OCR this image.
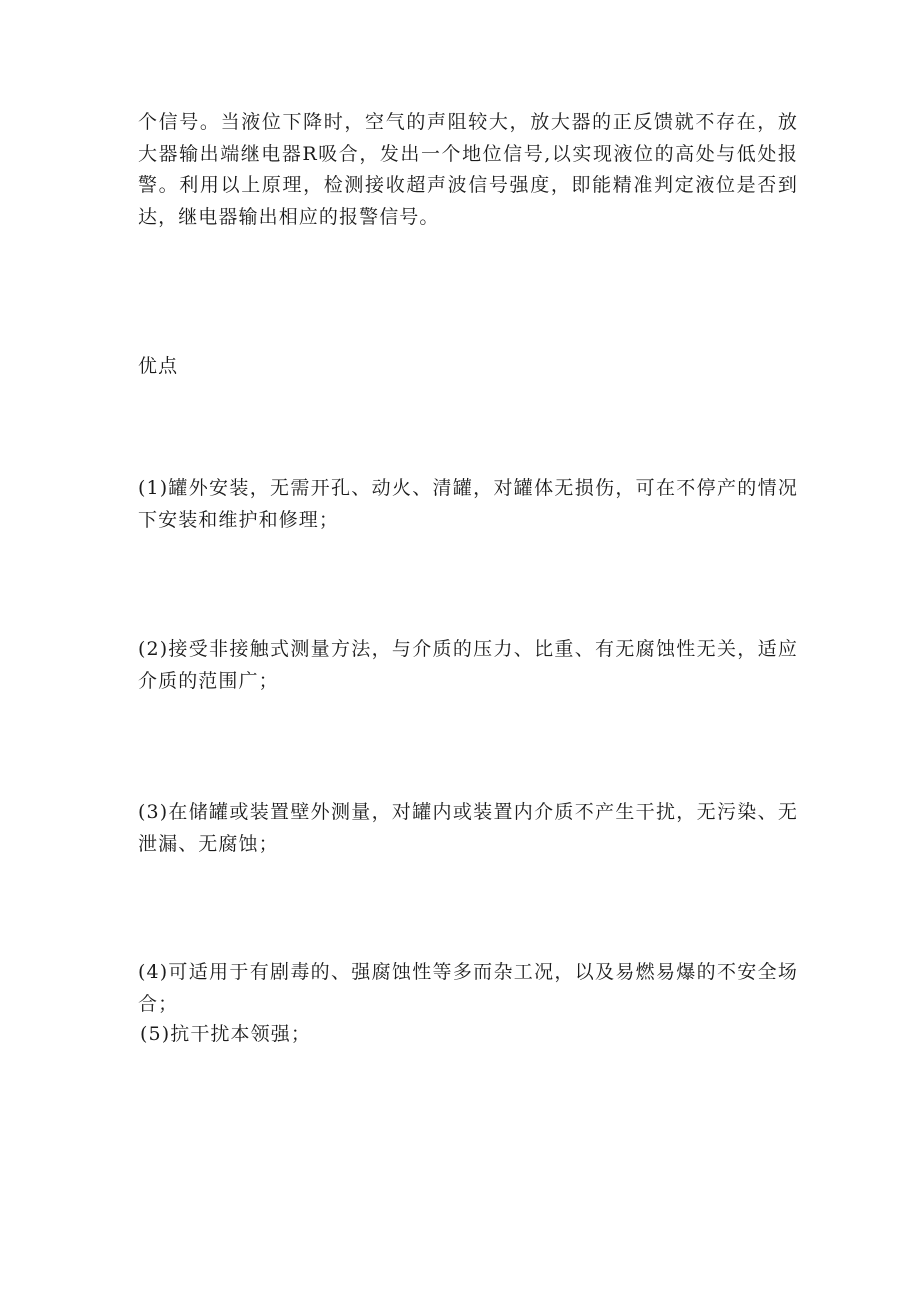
个信号。当液位下降时，空气的声阻较大，放大器的正反馈就不存在，放大器输出端继电器R吸合，发出一个地位信号,以实现液位的高处与低处报警。利用以上原理，检测接收超声波信号强度，即能精准判定液位是否到达，继电器输出相应的报警信号。
优点
(1)罐外安装，无需开孔、动火、清罐，对罐体无损伤，可在不停产的情况下安装和维护和修理；
(2)接受非接触式测量方法，与介质的压力、比重、有无腐蚀性无关，适应介质的范围广；
(3)在储罐或装置壁外测量，对罐内或装置内介质不产生干扰，无污染、无泄漏、无腐蚀；
(4)可适用于有剧毒的、强腐蚀性等多而杂工况，以及易燃易爆的不安全场合；
(5)抗干扰本领强；
